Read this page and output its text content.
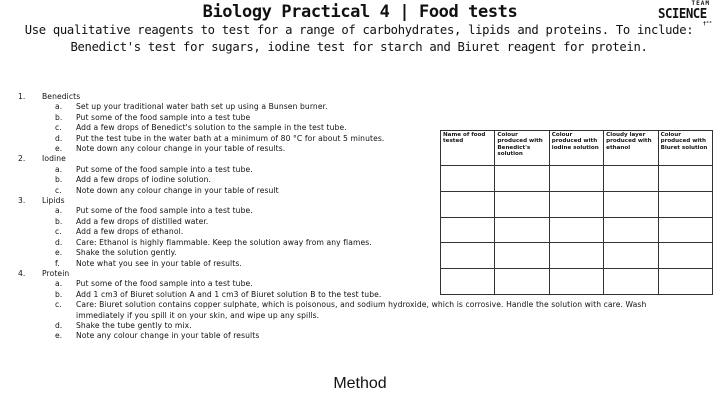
Biology Practical 4 | Food tests	TEAM
SCIENCE
†°°
Use qualitative reagents to test for a range of carbohydrates, lipids and proteins. To include: Benedict's test for sugars, iodine test for starch and Biuret reagent for protein.
1.	Benedicts
a.	Set up your traditional water bath set up using a Bunsen burner.
b.	Put some of the food sample into a test tube
c.	Add a few drops of Benedict's solution to the sample in the test tube.
d.	Put the test tube in the water bath at a minimum of 80 °C for about 5 minutes.
e.	Note down any colour change in your table of results.
2.	Iodine
a.	Put some of the food sample into a test tube.
b.	Add a few drops of iodine solution.
c.	Note down any colour change in your table of result
3.	Lipids
a.	Put some of the food sample into a test tube.
b.	Add a few drops of distilled water.
c.	Add a few drops of ethanol.
d.	Care: Ethanol is highly flammable. Keep the solution away from any flames.
e.	Shake the solution gently.
f.	Note what you see in your table of results.
4.	Protein
a.	Put some of the food sample into a test tube.
b.	Add 1 cm3 of Biuret solution A and 1 cm3 of Biuret solution B to the test tube.
c.	Care: Biuret solution contains copper sulphate, which is poisonous, and sodium hydroxide, which is corrosive. Handle the solution with care. Wash immediately if you spill it on your skin, and wipe up any spills.
d.	Shake the tube gently to mix.
e.	Note any colour change in your table of results
Name of food tested	Colour produced with Benedict's solution	Colour produced with iodine solution	Cloudy layer produced with ethanol	Colour produced with Biuret solution

Method
